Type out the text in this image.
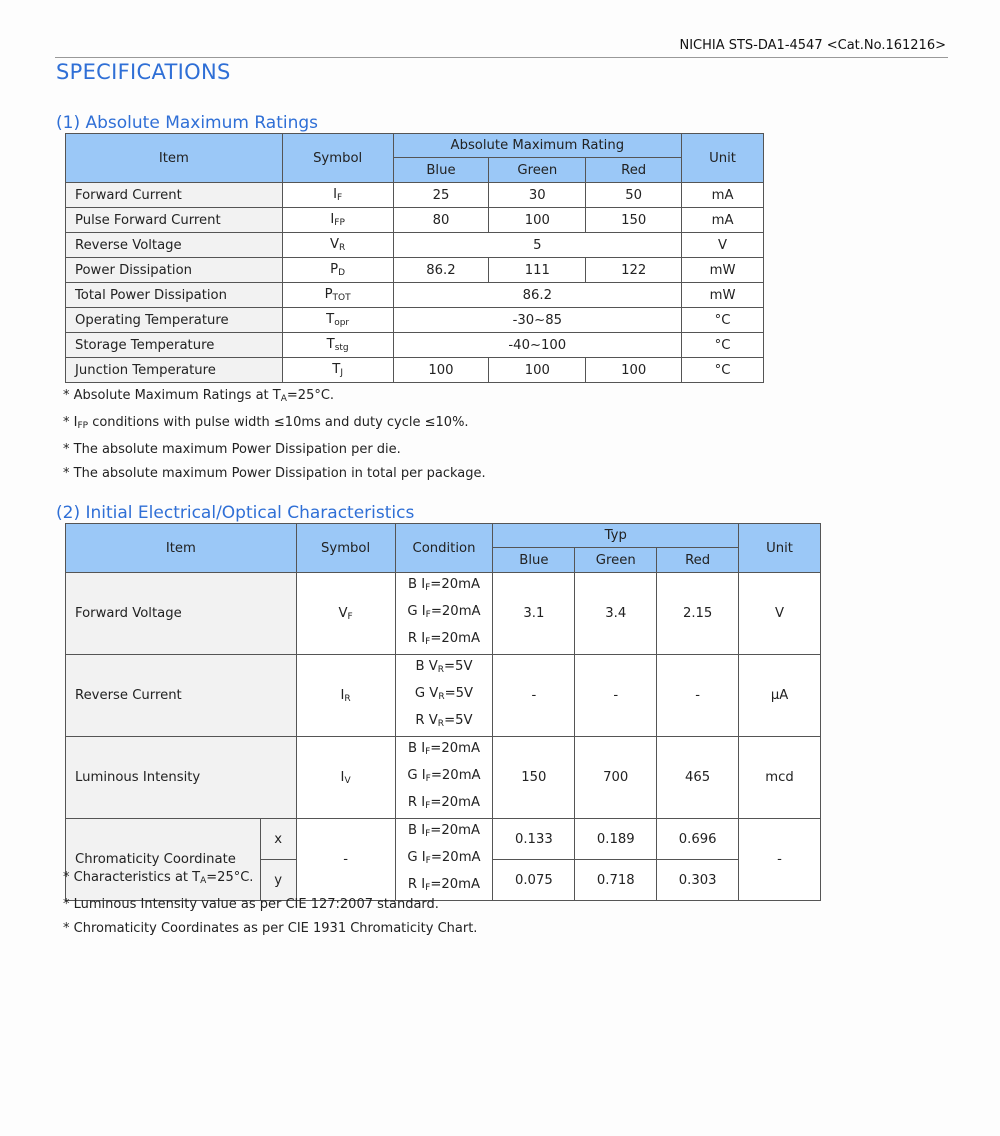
NICHIA STS-DA1-4547 <Cat.No.161216>
SPECIFICATIONS
(1) Absolute Maximum Ratings
Item	Symbol	Absolute Maximum Rating			Unit
		Blue	Green	Red	
Forward Current	$I_F$	25	30	50	mA
Pulse Forward Current	$I_{FP}$	80	100	150	mA
Reverse Voltage	$V_R$	5			V
Power Dissipation	$P_D$	86.2	111	122	mW
Total Power Dissipation	$P_{TOT}$	86.2			mW
Operating Temperature	$T_{opr}$	-30~85			°C
Storage Temperature	$T_{stg}$	-40~100			°C
Junction Temperature	$T_J$	100	100	100	°C
* Absolute Maximum Ratings at $T_A=25^\circ C$.
* $I_{FP}$ conditions with pulse width ≤10ms and duty cycle ≤10%.
* The absolute maximum Power Dissipation per die.
* The absolute maximum Power Dissipation in total per package.
(2) Initial Electrical/Optical Characteristics
Item		Symbol	Condition	Typ			Unit
				Blue	Green	Red	
Forward Voltage		$V_F$	B $I_F=20mA$
G $I_F=20mA$
R $I_F=20mA$	3.1	3.4	2.15	V
Reverse Current		$I_R$	B $V_R=5V$
G $V_R=5V$
R $V_R=5V$	-	-	-	μA
Luminous Intensity		$I_V$	B $I_F=20mA$
G $I_F=20mA$
R $I_F=20mA$	150	700	465	mcd
Chromaticity Coordinate	x	-	B $I_F=20mA$
G $I_F=20mA$
R $I_F=20mA$	0.133	0.189	0.696	-
	y			0.075	0.718	0.303	
* Characteristics at $T_A=25^\circ C$.
* Luminous Intensity value as per CIE 127:2007 standard.
* Chromaticity Coordinates as per CIE 1931 Chromaticity Chart.
